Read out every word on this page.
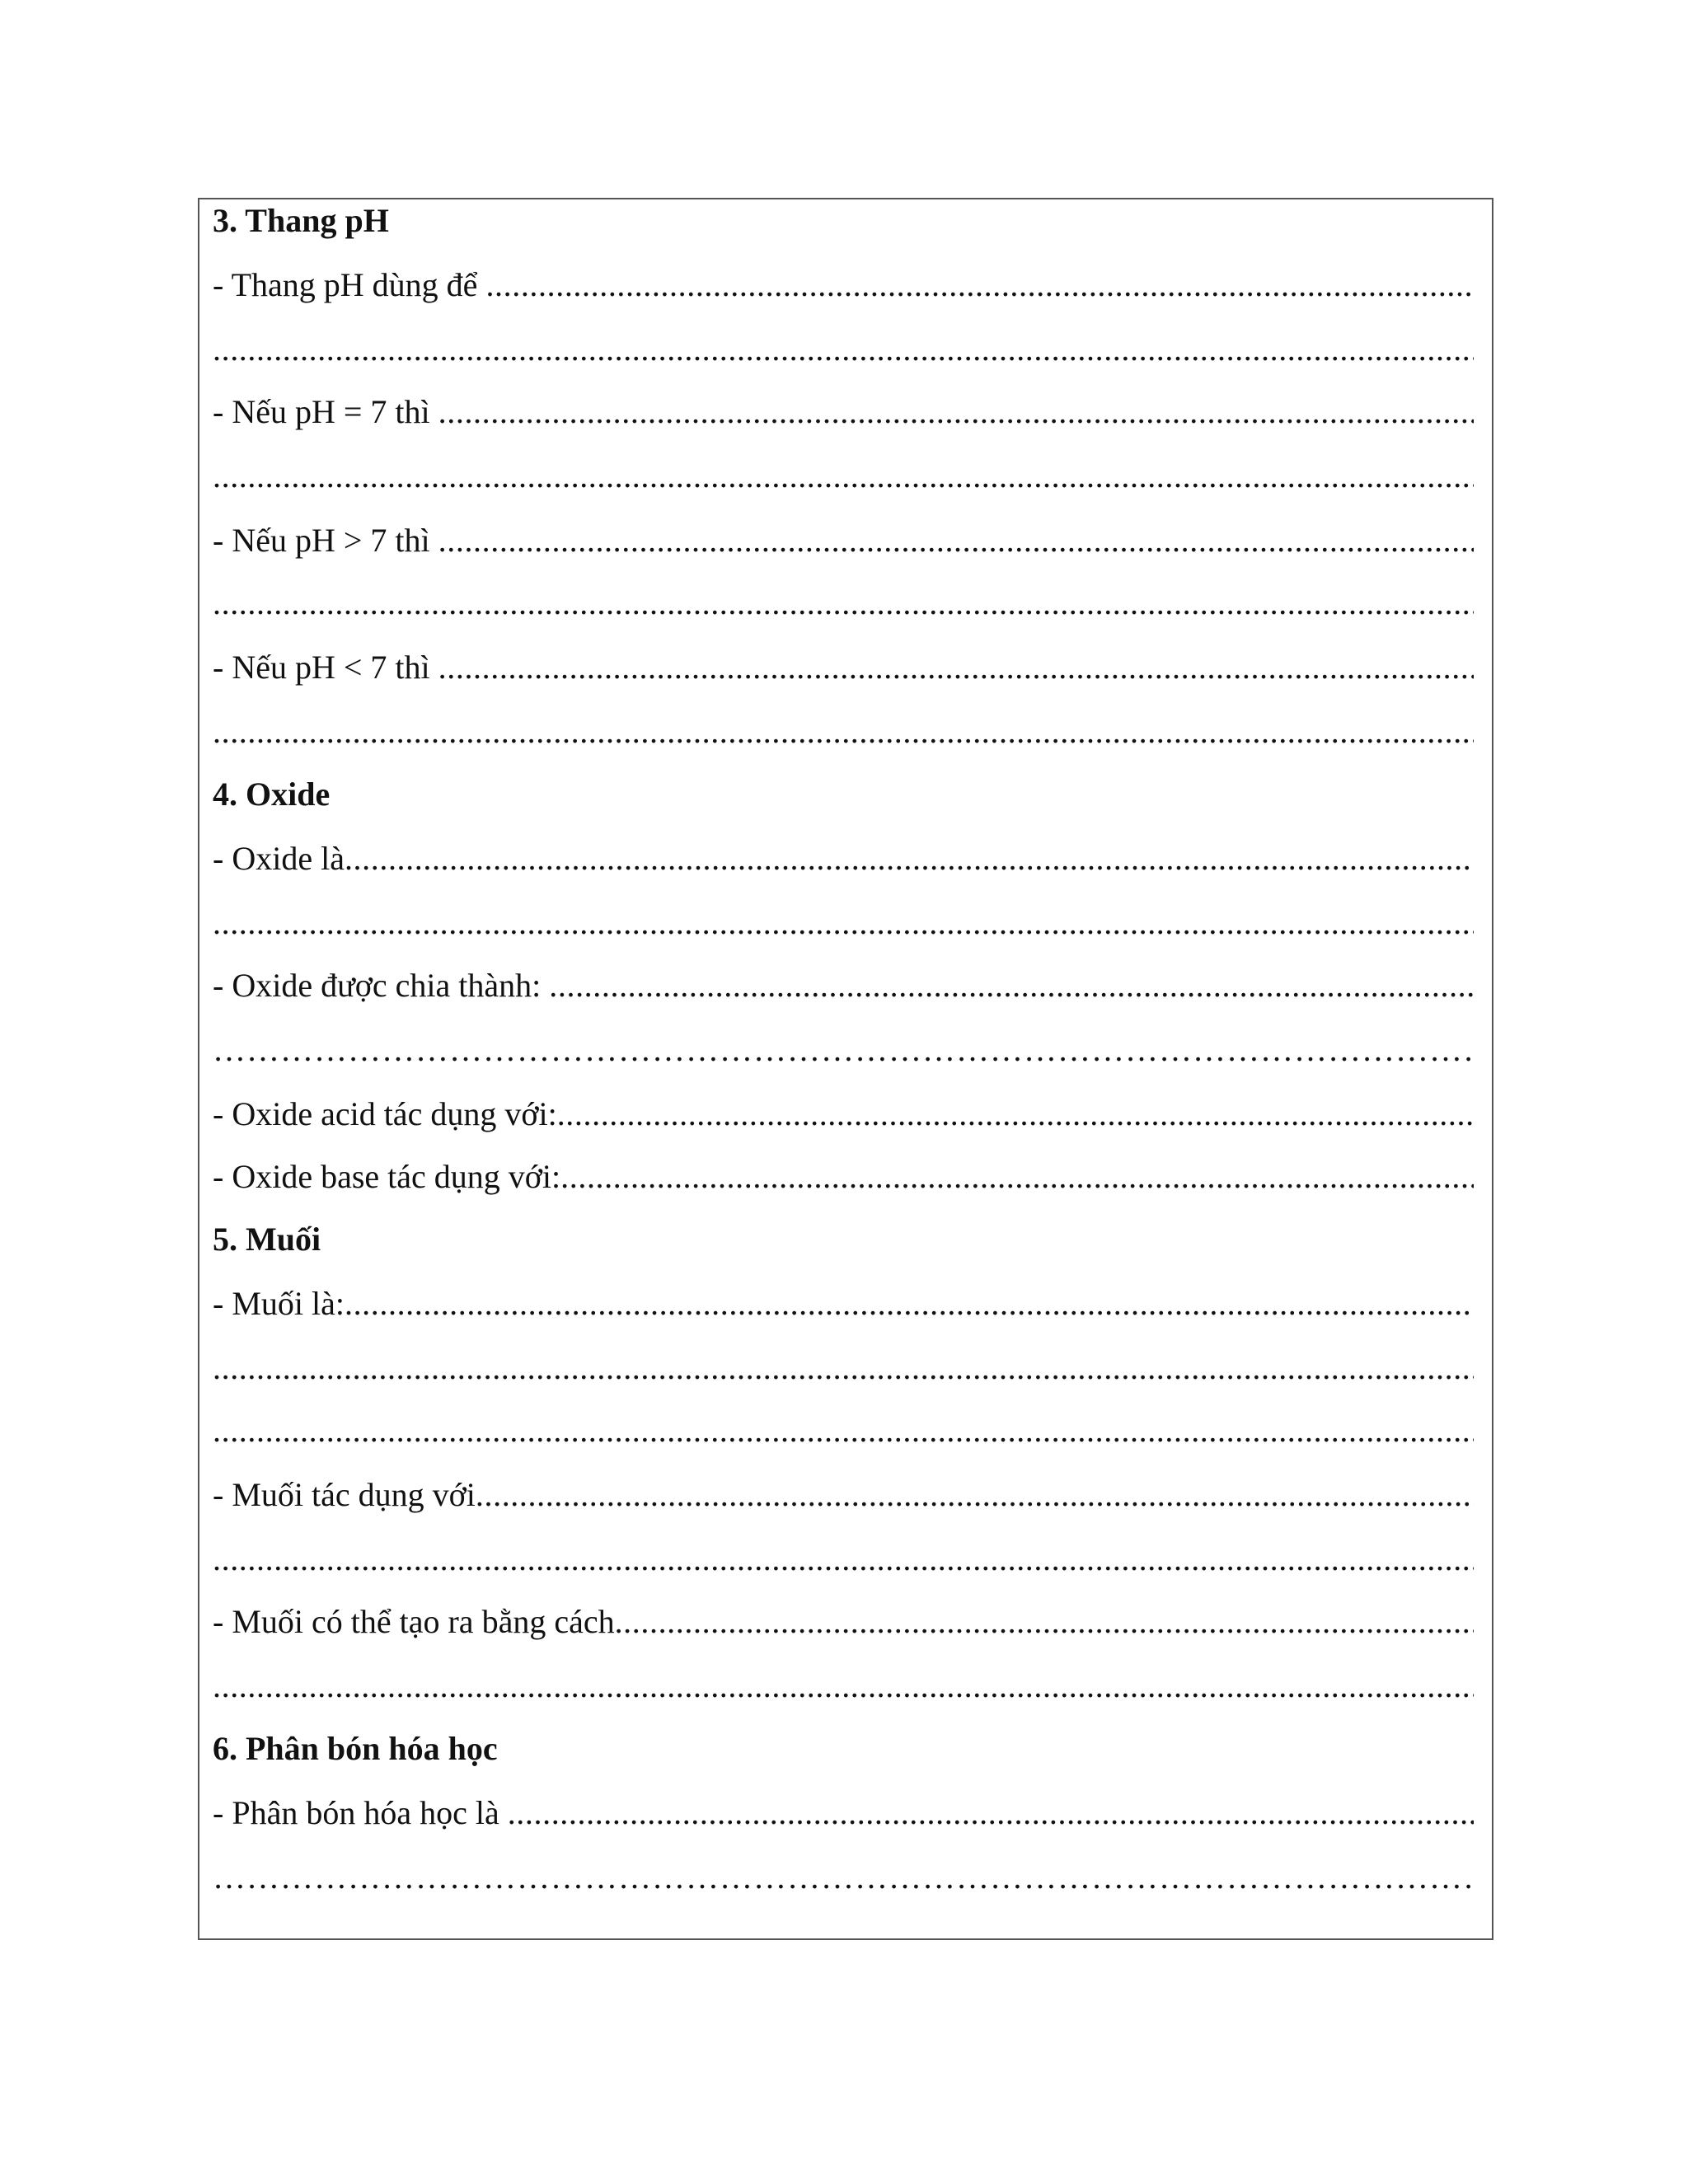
3. Thang pH
- Thang pH dùng để
.....
.....
- Nếu pH = 7 thì
.....
.....
- Nếu pH > 7 thì
.....
.....
- Nếu pH < 7 thì
.....
.....
4. Oxide
- Oxide là
.....
.....
- Oxide được chia thành:
.....
………………………………………………………………………………………………………………………………………………………………………………………………………………………………
- Oxide acid tác dụng với:
.....
- Oxide base tác dụng với:
.....
5. Muối
- Muối là:
.....
.....
.....
- Muối tác dụng với
.....
.....
- Muối có thể tạo ra bằng cách
.....
.....
6. Phân bón hóa học
- Phân bón hóa học là
.....
………………………………………………………………………………………………………………………………………………………………………………………………………………………………
